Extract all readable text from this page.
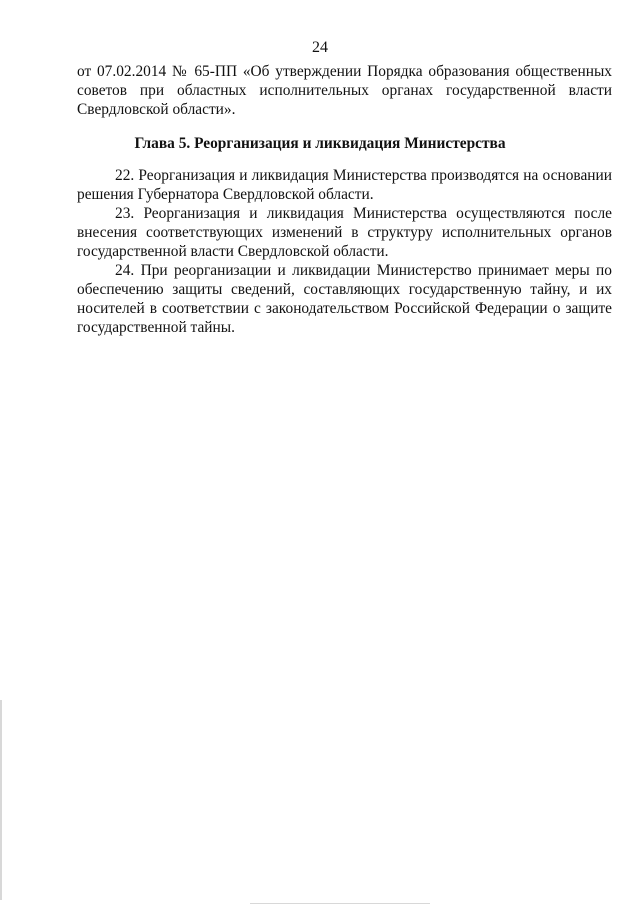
24

от 07.02.2014 № 65-ПП «Об утверждении Порядка образования общественных советов при областных исполнительных органах государственной власти Свердловской области».

Глава 5. Реорганизация и ликвидация Министерства

22. Реорганизация и ликвидация Министерства производятся на основании решения Губернатора Свердловской области.

23. Реорганизация и ликвидация Министерства осуществляются после внесения соответствующих изменений в структуру исполнительных органов государственной власти Свердловской области.

24. При реорганизации и ликвидации Министерство принимает меры по обеспечению защиты сведений, составляющих государственную тайну, и их носителей в соответствии с законодательством Российской Федерации о защите государственной тайны.
